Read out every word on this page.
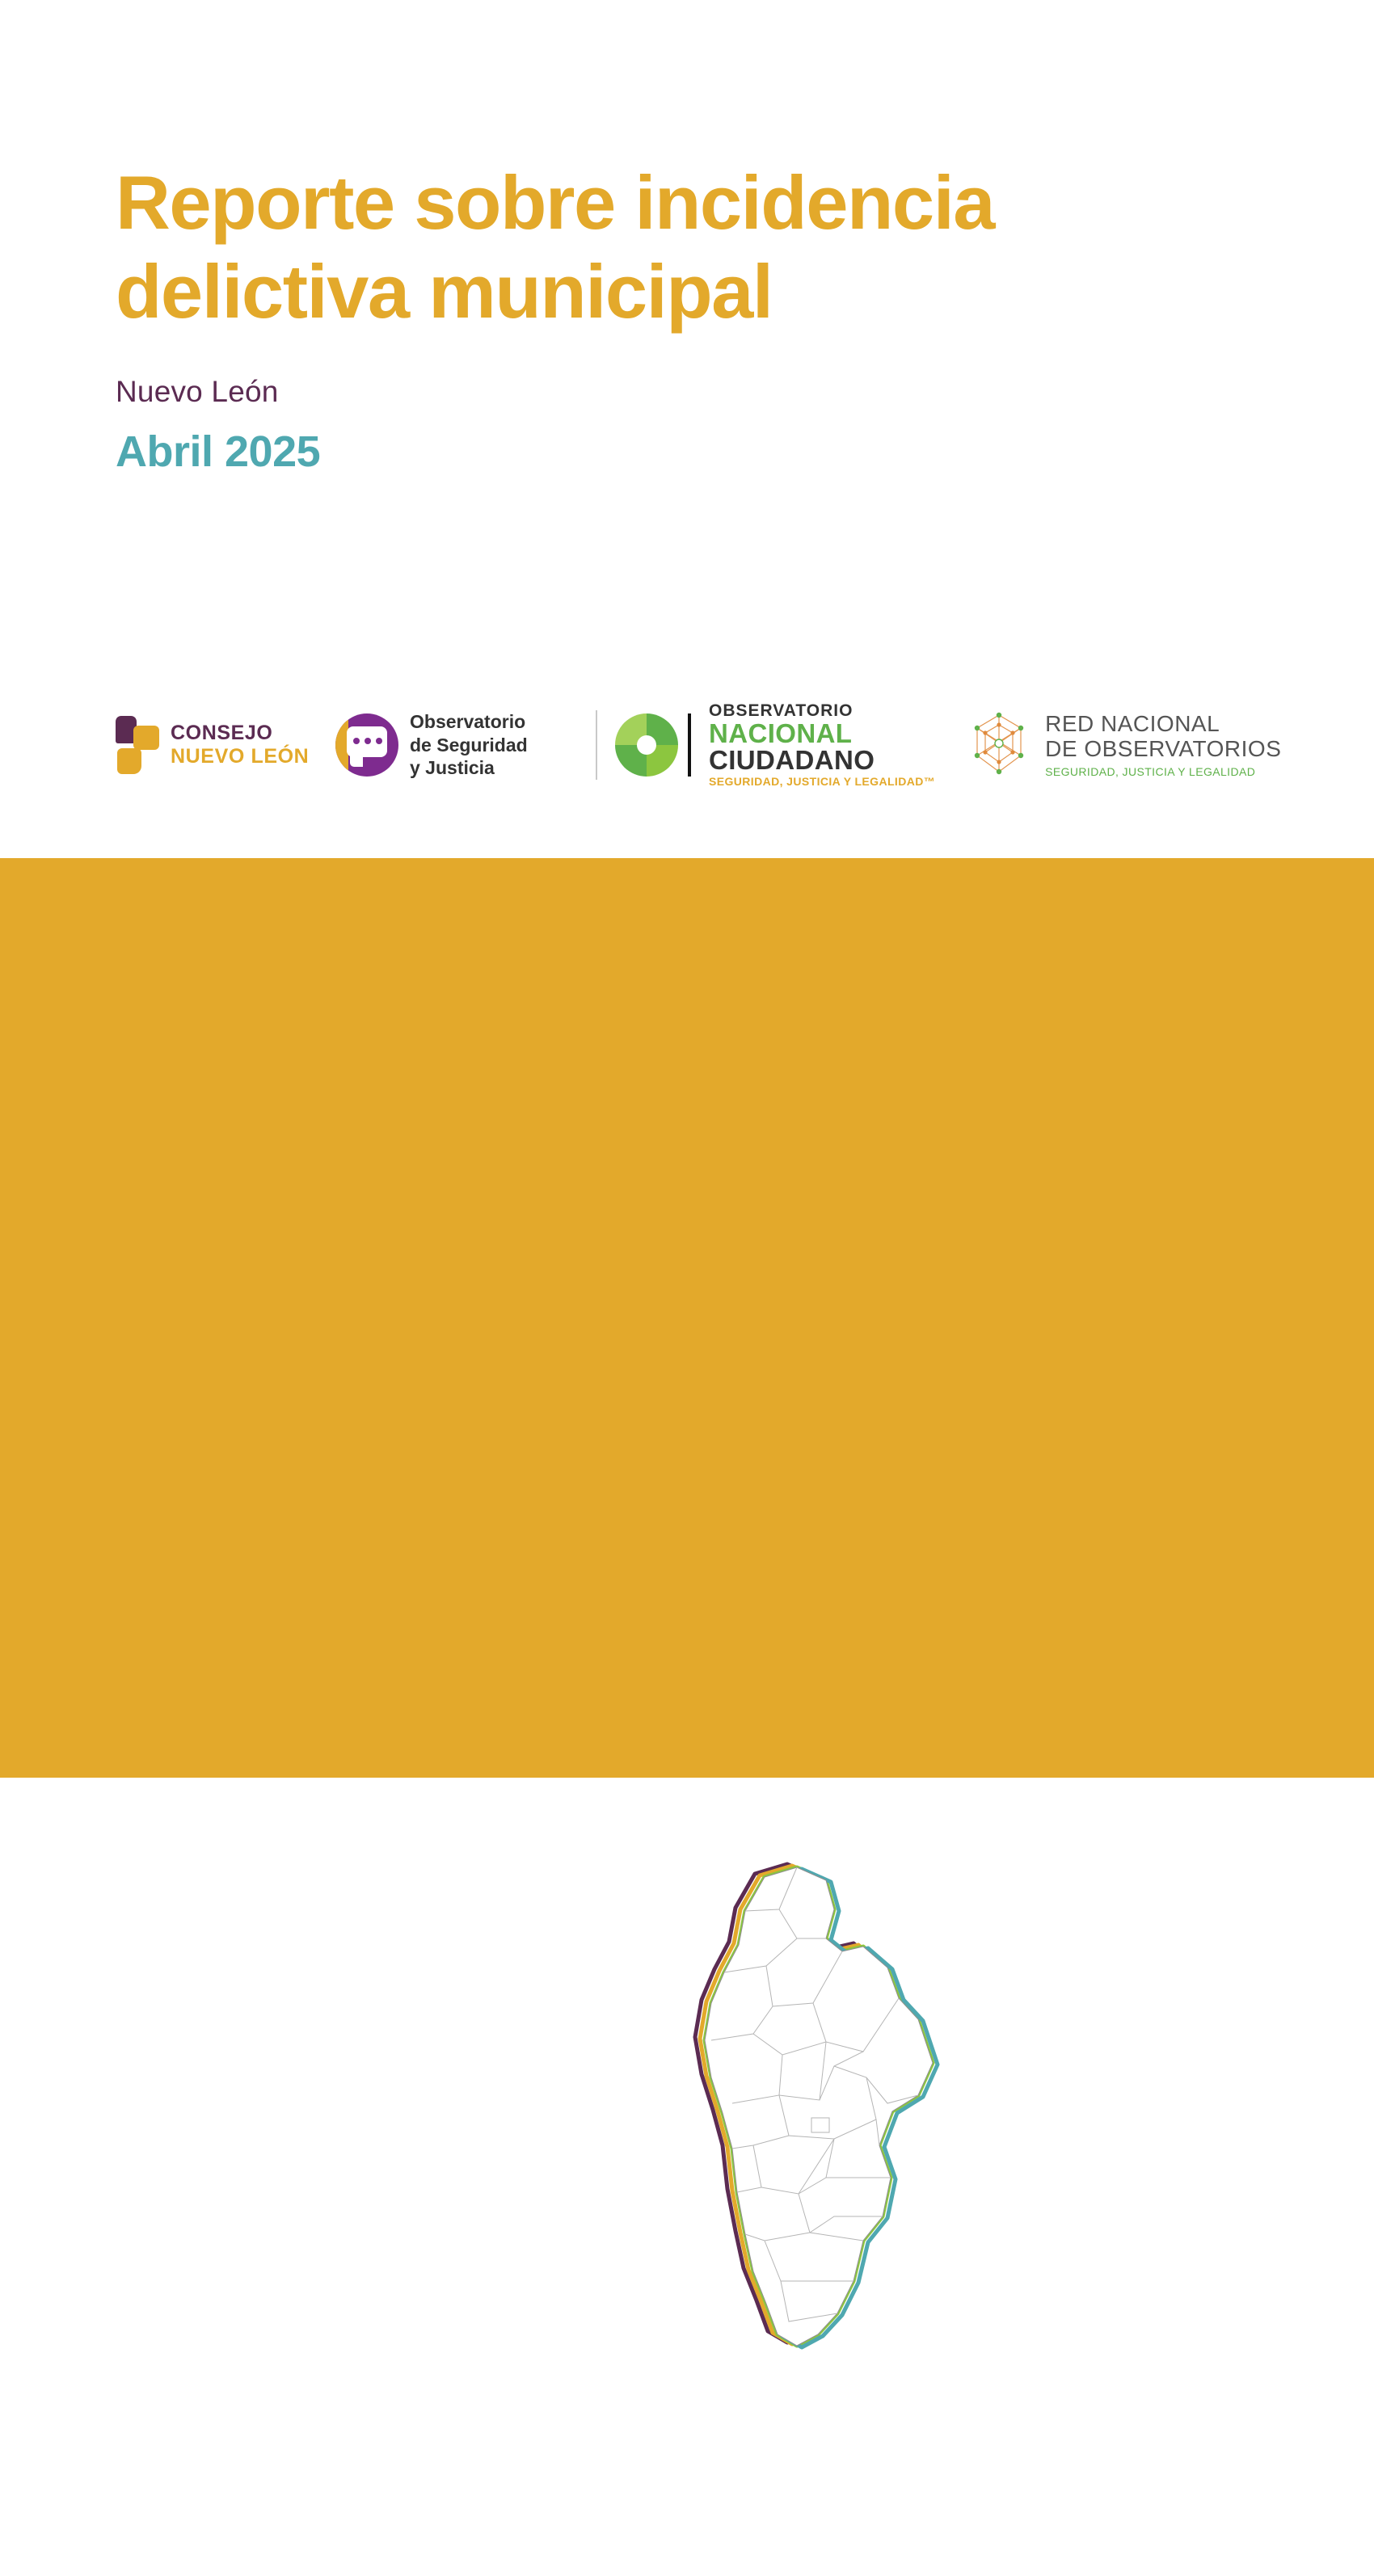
Reporte sobre incidencia delictiva municipal
Nuevo León
Abril 2025
CONSEJO
NUEVO LEÓN
Observatorio
de Seguridad
y Justicia
OBSERVATORIO
NACIONAL
CIUDADANO
SEGURIDAD, JUSTICIA Y LEGALIDAD™
RED NACIONAL
DE OBSERVATORIOS
SEGURIDAD, JUSTICIA Y LEGALIDAD
